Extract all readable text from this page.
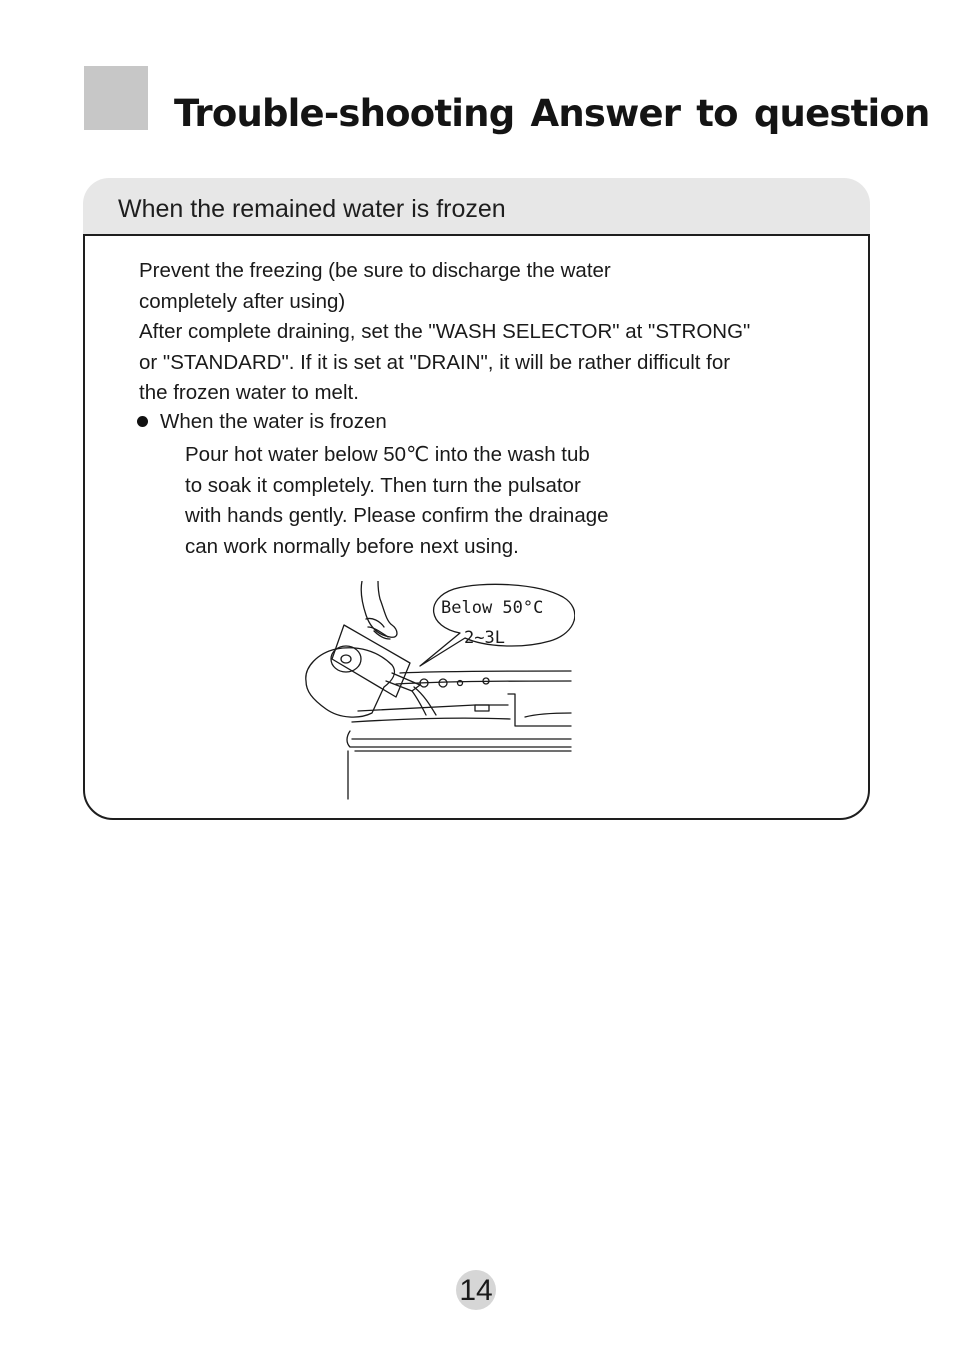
Trouble-shooting Answer to question
When the remained water is frozen

Prevent the freezing (be sure to discharge the water

completely after using)

After complete draining, set the "WASH SELECTOR" at "STRONG"

or "STANDARD". If it is set at "DRAIN", it will be rather difficult for

the frozen water to melt.

When the water is frozen

Pour hot water below 50℃ into the wash tub

to soak it completely. Then turn the pulsator

with hands gently. Please confirm the drainage

can work normally before next using.

Below 50°C
2~3L
14
